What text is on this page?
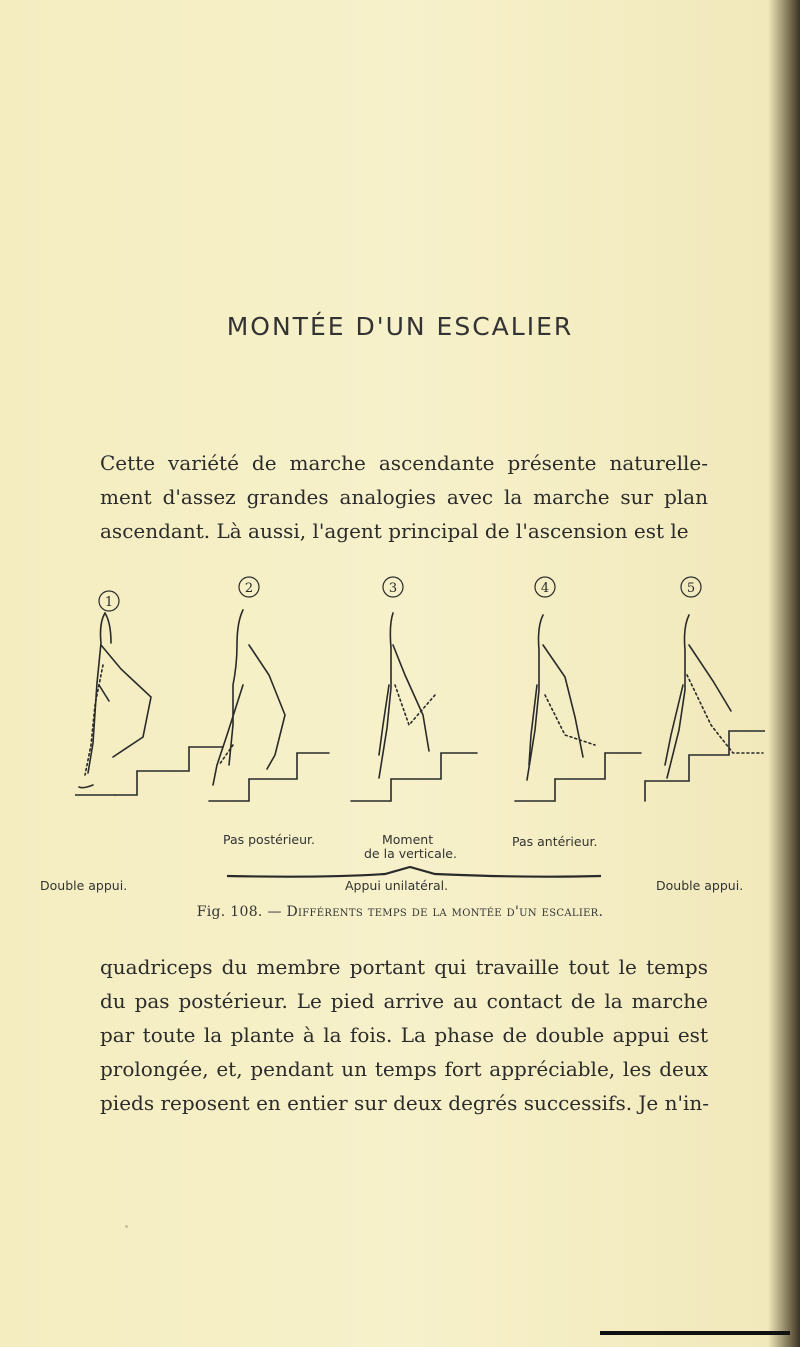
MONTÉE D'UN ESCALIER
Cette variété de marche ascendante présente naturelle-
ment d'assez grandes analogies avec la marche sur plan
ascendant. Là aussi, l'agent principal de l'ascension est le
1
2	3	4	5
Pas postérieur.	Moment
de la verticale.
Pas antérieur.
Double appui.	Appui unilatéral.	Double appui.
Fig. 108. — Différents temps de la montée d'un escalier.
quadriceps du membre portant qui travaille tout le temps
du pas postérieur. Le pied arrive au contact de la marche
par toute la plante à la fois. La phase de double appui est
prolongée, et, pendant un temps fort appréciable, les deux
pieds reposent en entier sur deux degrés successifs. Je n'in-
